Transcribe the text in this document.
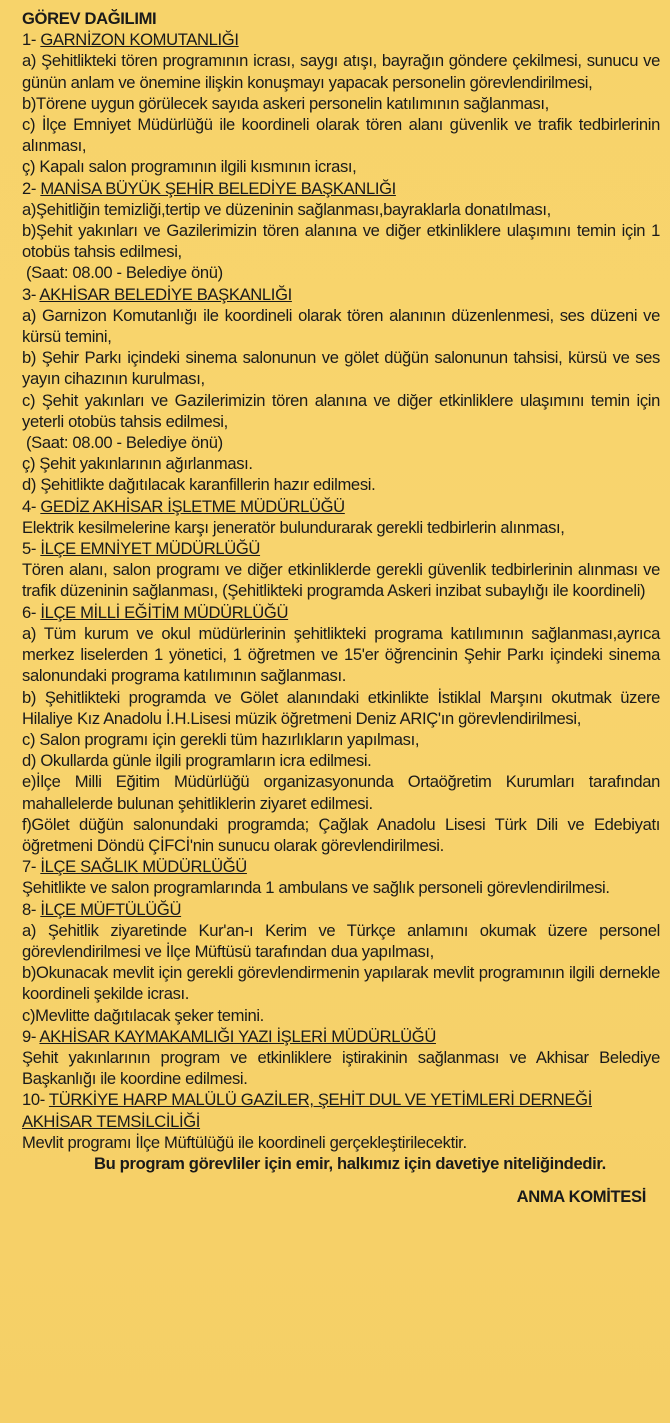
GÖREV DAĞILIMI
1- GARNİZON KOMUTANLIĞI
a) Şehitlikteki tören programının icrası, saygı atışı, bayrağın göndere çekilmesi, sunucu ve günün anlam ve önemine ilişkin konuşmayı yapacak personelin görevlendirilmesi,
b)Törene uygun görülecek sayıda askeri personelin katılımının sağlanması,
c) İlçe Emniyet Müdürlüğü ile koordineli olarak tören alanı güvenlik ve trafik tedbirlerinin alınması,
ç) Kapalı salon programının ilgili kısmının icrası,
2- MANİSA BÜYÜK ŞEHİR BELEDİYE BAŞKANLIĞI
a)Şehitliğin temizliği,tertip ve düzeninin sağlanması,bayraklarla donatılması,
b)Şehit yakınları ve Gazilerimizin tören alanına ve diğer etkinliklere ulaşımını temin için 1 otobüs tahsis edilmesi,
(Saat: 08.00 - Belediye önü)
3- AKHİSAR BELEDİYE BAŞKANLIĞI
a) Garnizon Komutanlığı ile koordineli olarak tören alanının düzenlenmesi, ses düzeni ve kürsü temini,
b) Şehir Parkı içindeki sinema salonunun ve gölet düğün salonunun tahsisi, kürsü ve ses yayın cihazının kurulması,
c) Şehit yakınları ve Gazilerimizin tören alanına ve diğer etkinliklere ulaşımını temin için yeterli otobüs tahsis edilmesi,
(Saat: 08.00 - Belediye önü)
ç) Şehit yakınlarının ağırlanması.
d) Şehitlikte dağıtılacak karanfillerin hazır edilmesi.
4- GEDİZ AKHİSAR İŞLETME MÜDÜRLÜĞÜ
Elektrik kesilmelerine karşı jeneratör bulundurarak gerekli tedbirlerin alınması,
5- İLÇE EMNİYET MÜDÜRLÜĞÜ
Tören alanı, salon programı ve diğer etkinliklerde gerekli güvenlik tedbirlerinin alınması ve trafik düzeninin sağlanması, (Şehitlikteki programda Askeri inzibat subaylığı ile koordineli)
6- İLÇE MİLLİ EĞİTİM MÜDÜRLÜĞÜ
a) Tüm kurum ve okul müdürlerinin şehitlikteki programa katılımının sağlanması,ayrıca merkez liselerden 1 yönetici, 1 öğretmen ve 15'er öğrencinin Şehir Parkı içindeki sinema salonundaki programa katılımının sağlanması.
b) Şehitlikteki programda ve Gölet alanındaki etkinlikte İstiklal Marşını okutmak üzere Hilaliye Kız Anadolu İ.H.Lisesi müzik öğretmeni Deniz ARIÇ'ın görevlendirilmesi,
c) Salon programı için gerekli tüm hazırlıkların yapılması,
d) Okullarda günle ilgili programların icra edilmesi.
e)İlçe Milli Eğitim Müdürlüğü organizasyonunda Ortaöğretim Kurumları tarafından mahallelerde bulunan şehitliklerin ziyaret edilmesi.
f)Gölet düğün salonundaki programda; Çağlak Anadolu Lisesi Türk Dili ve Edebiyatı öğretmeni Döndü ÇİFCİ'nin sunucu olarak görevlendirilmesi.
7- İLÇE SAĞLIK MÜDÜRLÜĞÜ
Şehitlikte ve salon programlarında 1 ambulans ve sağlık personeli görevlendirilmesi.
8- İLÇE MÜFTÜLÜĞÜ
a) Şehitlik ziyaretinde Kur'an-ı Kerim ve Türkçe anlamını okumak üzere personel görevlendirilmesi ve İlçe Müftüsü tarafından dua yapılması,
b)Okunacak mevlit için gerekli görevlendirmenin yapılarak mevlit programının ilgili dernekle koordineli şekilde icrası.
c)Mevlitte dağıtılacak şeker temini.
9- AKHİSAR KAYMAKAMLIĞI YAZI İŞLERİ MÜDÜRLÜĞÜ
Şehit yakınlarının program ve etkinliklere iştirakinin sağlanması ve Akhisar Belediye Başkanlığı ile koordine edilmesi.
10- TÜRKİYE HARP MALÜLÜ GAZİLER, ŞEHİT DUL VE YETİMLERİ DERNEĞİ AKHİSAR TEMSİLCİLİĞİ
Mevlit programı İlçe Müftülüğü ile koordineli gerçekleştirilecektir.
Bu program görevliler için emir, halkımız için davetiye niteliğindedir.
ANMA KOMİTESİ
